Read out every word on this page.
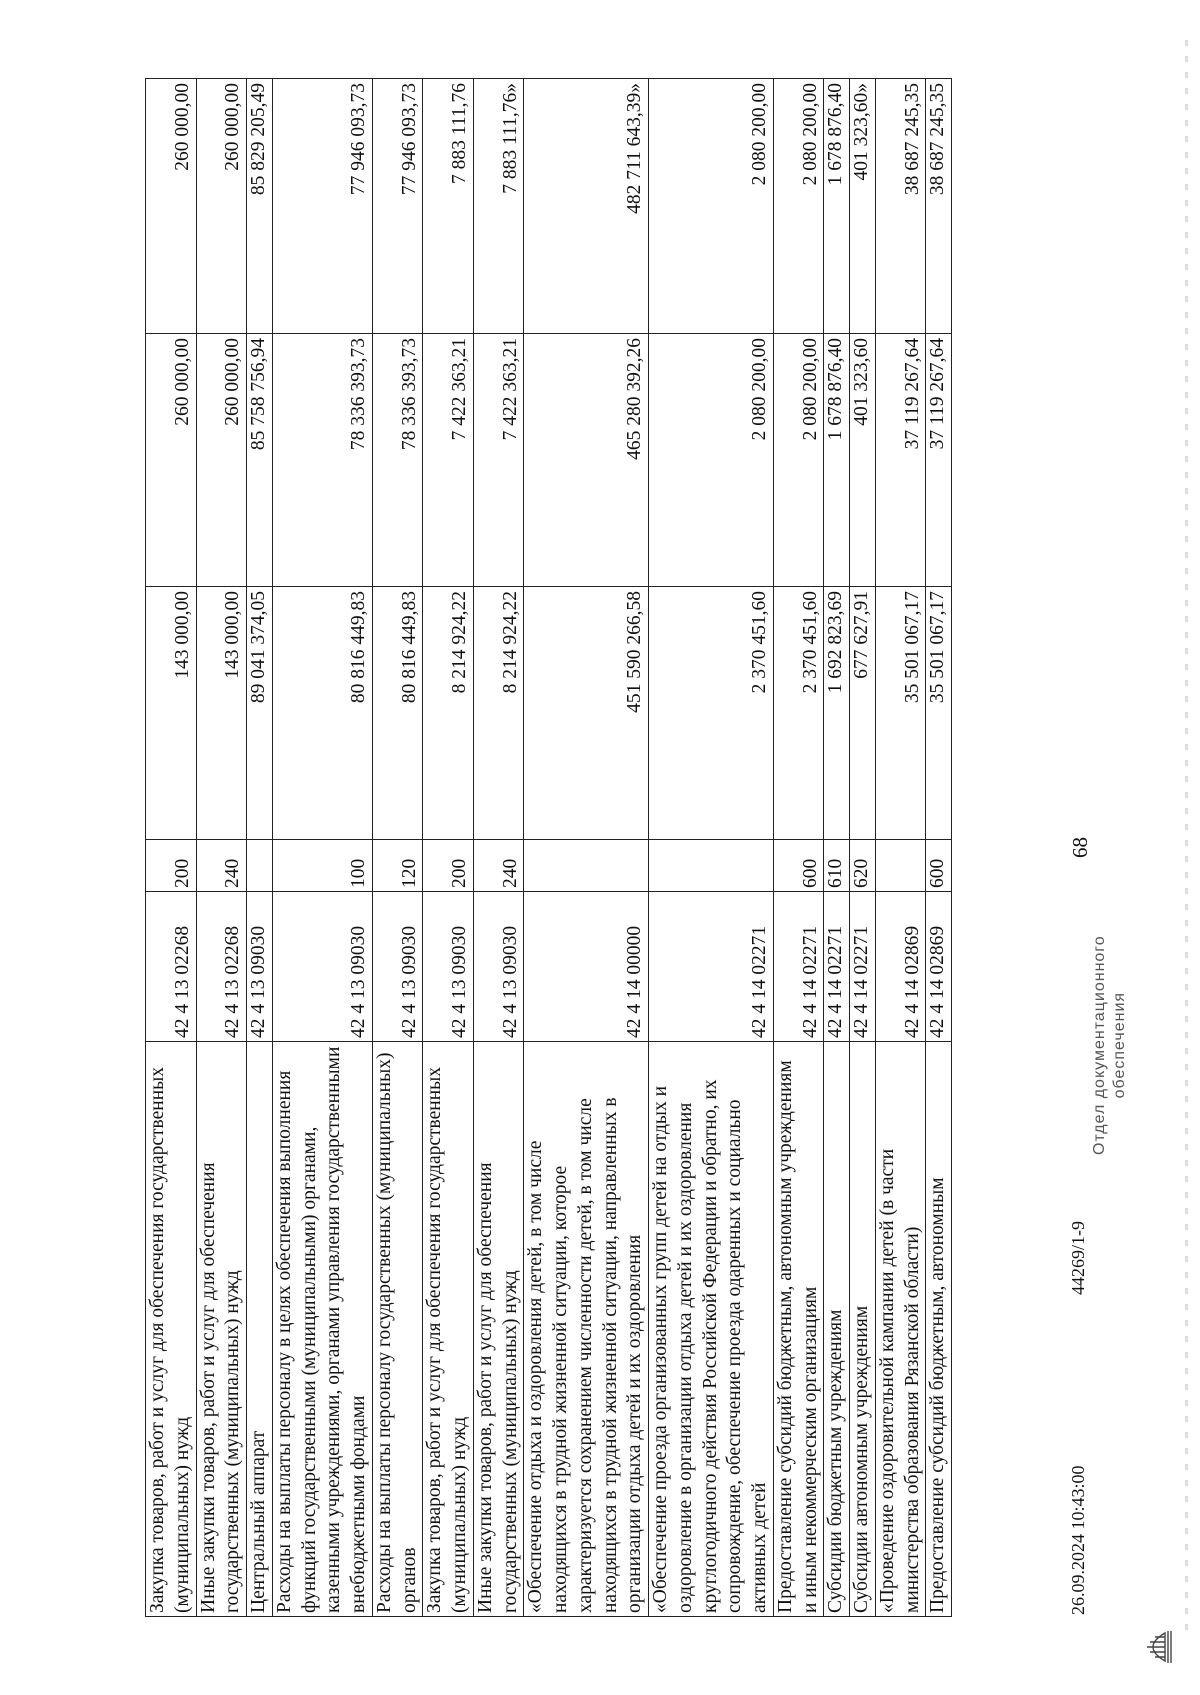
68
Закупка товаров, работ и услуг для обеспечения государственных (муниципальных) нужд	42 4 13 02268	200	143 000,00	260 000,00	260 000,00
Иные закупки товаров, работ и услуг для обеспечения государственных (муниципальных) нужд	42 4 13 02268	240	143 000,00	260 000,00	260 000,00
Центральный аппарат	42 4 13 09030		89 041 374,05	85 758 756,94	85 829 205,49
Расходы на выплаты персоналу в целях обеспечения выполнения функций государственными (муниципальными) органами, казенными учреждениями, органами управления государственными внебюджетными фондами	42 4 13 09030	100	80 816 449,83	78 336 393,73	77 946 093,73
Расходы на выплаты персоналу государственных (муниципальных) органов	42 4 13 09030	120	80 816 449,83	78 336 393,73	77 946 093,73
Закупка товаров, работ и услуг для обеспечения государственных (муниципальных) нужд	42 4 13 09030	200	8 214 924,22	7 422 363,21	7 883 111,76
Иные закупки товаров, работ и услуг для обеспечения государственных (муниципальных) нужд	42 4 13 09030	240	8 214 924,22	7 422 363,21	7 883 111,76»
«Обеспечение отдыха и оздоровления детей, в том числе находящихся в трудной жизненной ситуации, которое характеризуется сохранением численности детей, в том числе находящихся в трудной жизненной ситуации, направленных в организации отдыха детей и их оздоровления	42 4 14 00000		451 590 266,58	465 280 392,26	482 711 643,39»
«Обеспечение проезда организованных групп детей на отдых и оздоровление в организации отдыха детей и их оздоровления круглогодичного действия Российской Федерации и обратно, их сопровождение, обеспечение проезда одаренных и социально активных детей	42 4 14 02271		2 370 451,60	2 080 200,00	2 080 200,00
Предоставление субсидий бюджетным, автономным учреждениям и иным некоммерческим организациям	42 4 14 02271	600	2 370 451,60	2 080 200,00	2 080 200,00
Субсидии бюджетным учреждениям	42 4 14 02271	610	1 692 823,69	1 678 876,40	1 678 876,40
Субсидии автономным учреждениям	42 4 14 02271	620	677 627,91	401 323,60	401 323,60»
«Проведение оздоровительной кампании детей (в части министерства образования Рязанской области)	42 4 14 02869		35 501 067,17	37 119 267,64	38 687 245,35
Предоставление субсидий бюджетным, автономным	42 4 14 02869	600	35 501 067,17	37 119 267,64	38 687 245,35
26.09.2024 10:43:00
44269/1-9
Отдел документационного обеспечения
